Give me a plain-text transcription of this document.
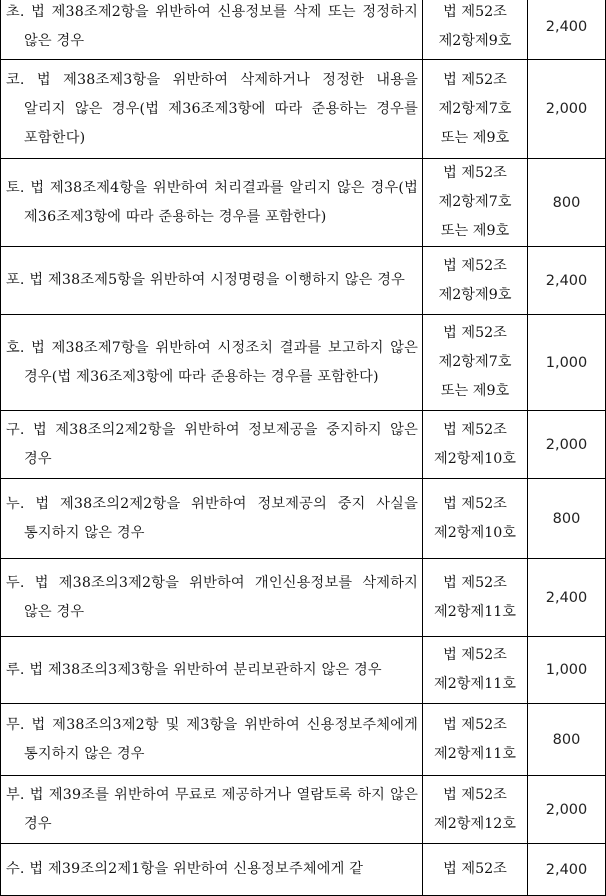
초. 법 제38조제2항을 위반하여 신용정보를 삭제 또는 정정하지 않은 경우	법 제52조
제2항제9호	2,400
코. 법 제38조제3항을 위반하여 삭제하거나 정정한 내용을 알리지 않은 경우(법 제36조제3항에 따라 준용하는 경우를 포함한다)	법 제52조
제2항제7호
또는 제9호	2,000
토. 법 제38조제4항을 위반하여 처리결과를 알리지 않은 경우(법 제36조제3항에 따라 준용하는 경우를 포함한다)	법 제52조
제2항제7호
또는 제9호	800
포. 법 제38조제5항을 위반하여 시정명령을 이행하지 않은 경우	법 제52조
제2항제9호	2,400
호. 법 제38조제7항을 위반하여 시정조치 결과를 보고하지 않은 경우(법 제36조제3항에 따라 준용하는 경우를 포함한다)	법 제52조
제2항제7호
또는 제9호	1,000
구. 법 제38조의2제2항을 위반하여 정보제공을 중지하지 않은 경우	법 제52조
제2항제10호	2,000
누. 법 제38조의2제2항을 위반하여 정보제공의 중지 사실을 통지하지 않은 경우	법 제52조
제2항제10호	800
두. 법 제38조의3제2항을 위반하여 개인신용정보를 삭제하지 않은 경우	법 제52조
제2항제11호	2,400
루. 법 제38조의3제3항을 위반하여 분리보관하지 않은 경우	법 제52조
제2항제11호	1,000
무. 법 제38조의3제2항 및 제3항을 위반하여 신용정보주체에게 통지하지 않은 경우	법 제52조
제2항제11호	800
부. 법 제39조를 위반하여 무료로 제공하거나 열람토록 하지 않은 경우	법 제52조
제2항제12호	2,000
수. 법 제39조의2제1항을 위반하여 신용정보주체에게 같	법 제52조	2,400
